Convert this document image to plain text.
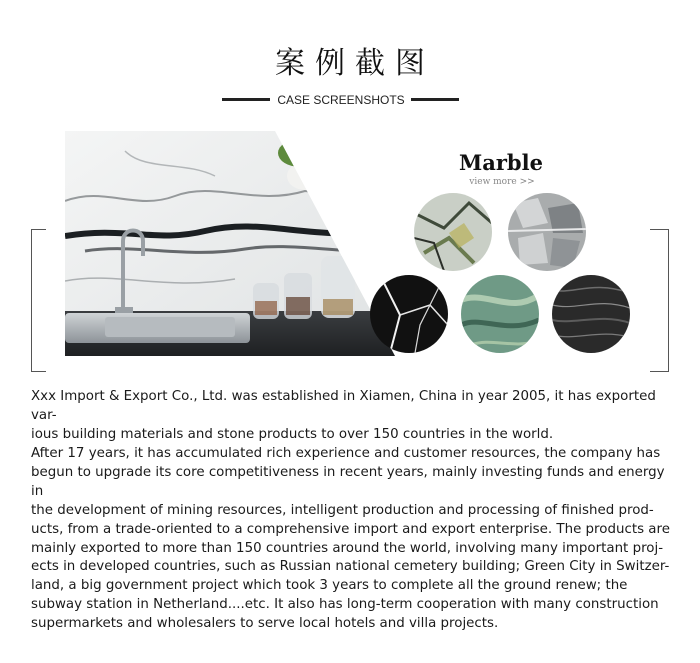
案例截图
CASE SCREENSHOTS
Marble
view more >>
Xxx Import & Export Co., Ltd. was established in Xiamen, China in year 2005, it has exported var-
ious building materials and stone products to over 150 countries in the world.
After 17 years, it has accumulated rich experience and customer resources, the company has
begun to upgrade its core competitiveness in recent years, mainly investing funds and energy in
the development of mining resources, intelligent production and processing of finished prod-
ucts, from a trade-oriented to a comprehensive import and export enterprise. The products are
mainly exported to more than 150 countries around the world, involving many important proj-
ects in developed countries, such as Russian national cemetery building; Green City in Switzer-
land, a big government project which took 3 years to complete all the ground renew; the
subway station in Netherland....etc. It also has long-term cooperation with many construction
supermarkets and wholesalers to serve local hotels and villa projects.
